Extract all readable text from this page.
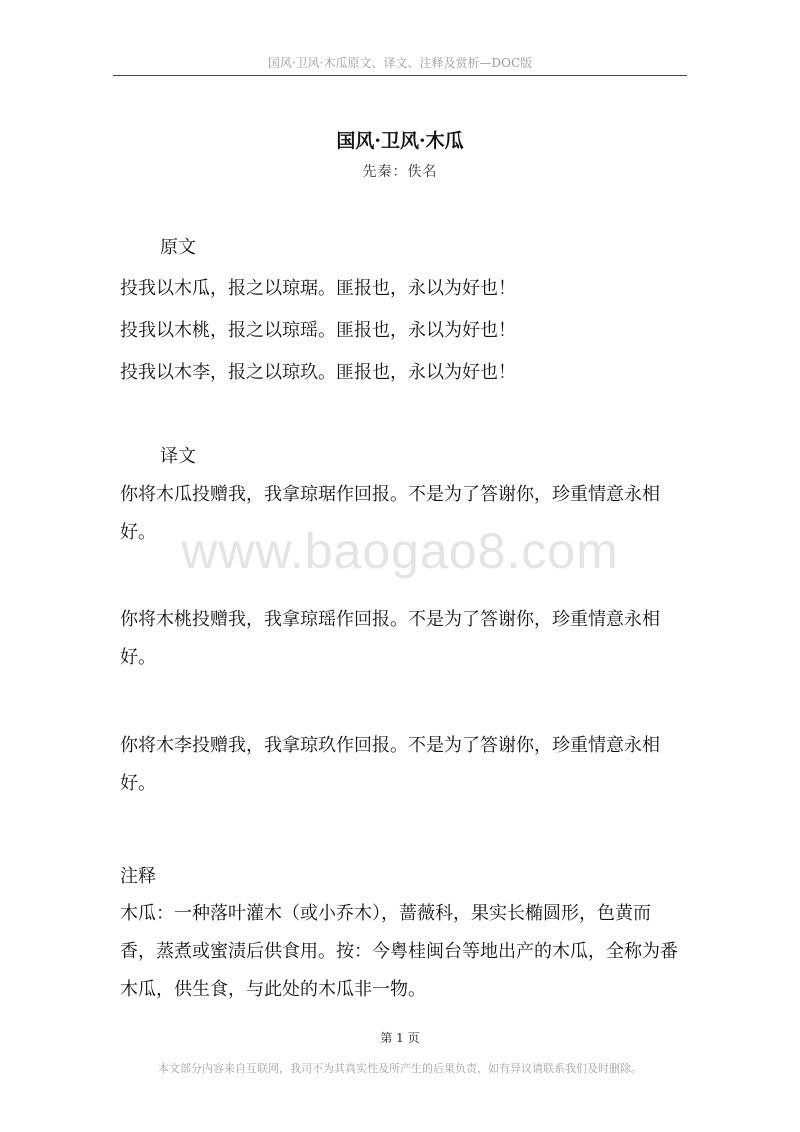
国风·卫风·木瓜原文、译文、注释及赏析—DOC版
www.baogao8.com
国风·卫风·木瓜
先秦：佚名
原文
投我以木瓜，报之以琼琚。匪报也，永以为好也！
投我以木桃，报之以琼瑶。匪报也，永以为好也！
投我以木李，报之以琼玖。匪报也，永以为好也！
译文

你将木瓜投赠我，我拿琼琚作回报。不是为了答谢你，珍重情意永相好。

你将木桃投赠我，我拿琼瑶作回报。不是为了答谢你，珍重情意永相好。

你将木李投赠我，我拿琼玖作回报。不是为了答谢你，珍重情意永相好。

注释

木瓜：一种落叶灌木（或小乔木），蔷薇科，果实长椭圆形，色黄而香，蒸煮或蜜渍后供食用。按：今粤桂闽台等地出产的木瓜，全称为番木瓜，供生食，与此处的木瓜非一物。

第 1 页
本文部分内容来自互联网，我司不为其真实性及所产生的后果负责，如有异议请联系我们及时删除。
